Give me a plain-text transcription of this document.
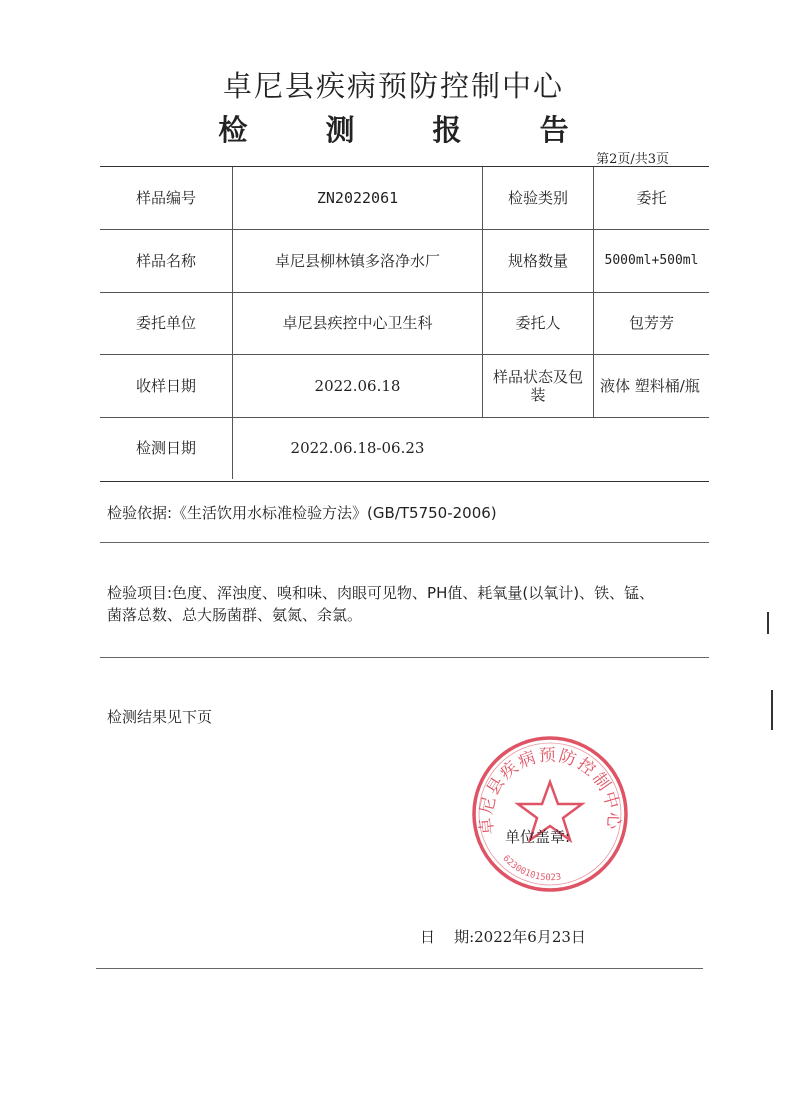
卓尼县疾病预防控制中心
检 测 报 告
第2页/共3页
样品编号	ZN2022061	检验类别	委托
样品名称	卓尼县柳林镇多洛净水厂	规格数量	5000ml+500ml
委托单位	卓尼县疾控中心卫生科	委托人	包芳芳
收样日期	2022.06.18	样品状态及包装	液体 塑料桶/瓶
检测日期	2022.06.18-06.23
检验依据:《生活饮用水标准检验方法》(GB/T5750-2006)
检验项目:色度、浑浊度、嗅和味、肉眼可见物、PH值、耗氧量(以氧计)、铁、锰、
菌落总数、总大肠菌群、氨氮、余氯。
检测结果见下页
卓尼县疾病预防控制中心
623001015023
单位盖章:
日    期:2022年6月23日
